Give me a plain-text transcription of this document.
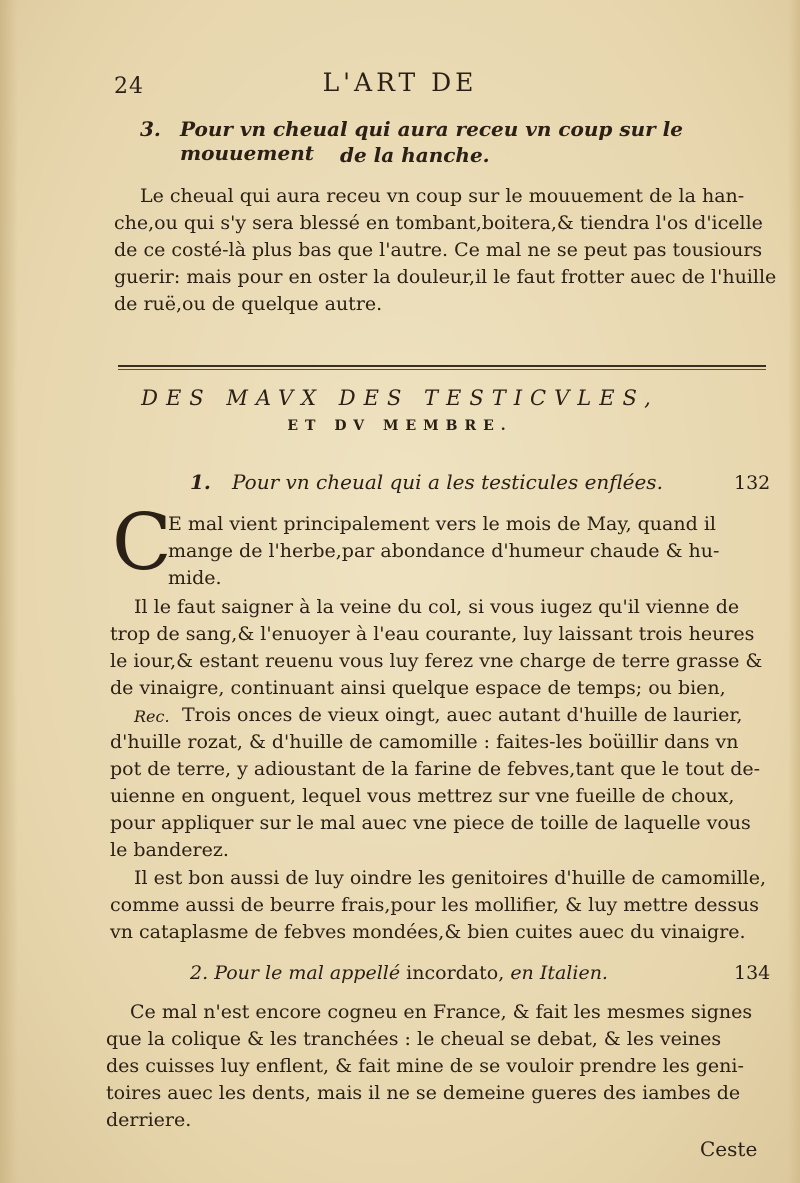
24	L'ART DE
3. Pour vn cheual qui aura receu vn coup sur le mouuement	de la hanche.
Le cheual qui aura receu vn coup sur le mouuement de la han-
che,ou qui s'y sera blessé en tombant,boitera,& tiendra l'os d'icelle
de ce costé-là plus bas que l'autre. Ce mal ne se peut pas tousiours
guerir: mais pour en oster la douleur,il le faut frotter auec de l'huille
de ruë,ou de quelque autre.
DES MAVX DES TESTICVLES,
ET DV MEMBRE.
1. Pour vn cheual qui a les testicules enflées.	132
C
E mal vient principalement vers le mois de May, quand il
mange de l'herbe,par abondance d'humeur chaude & hu-
mide.
Il le faut saigner à la veine du col, si vous iugez qu'il vienne de
trop de sang,& l'enuoyer à l'eau courante, luy laissant trois heures
le iour,& estant reuenu vous luy ferez vne charge de terre grasse &
de vinaigre, continuant ainsi quelque espace de temps; ou bien,
Rec. Trois onces de vieux oingt, auec autant d'huille de laurier,
d'huille rozat, & d'huille de camomille : faites-les boüillir dans vn
pot de terre, y adioustant de la farine de febves,tant que le tout de-
uienne en onguent, lequel vous mettrez sur vne fueille de choux,
pour appliquer sur le mal auec vne piece de toille de laquelle vous
le banderez.
Il est bon aussi de luy oindre les genitoires d'huille de camomille,
comme aussi de beurre frais,pour les mollifier, & luy mettre dessus
vn cataplasme de febves mondées,& bien cuites auec du vinaigre.
2. Pour le mal appellé incordato, en Italien.	134
Ce mal n'est encore cogneu en France, & fait les mesmes signes
que la colique & les tranchées : le cheual se debat, & les veines
des cuisses luy enflent, & fait mine de se vouloir prendre les geni-
toires auec les dents, mais il ne se demeine gueres des iambes de
derriere.
Ceste
